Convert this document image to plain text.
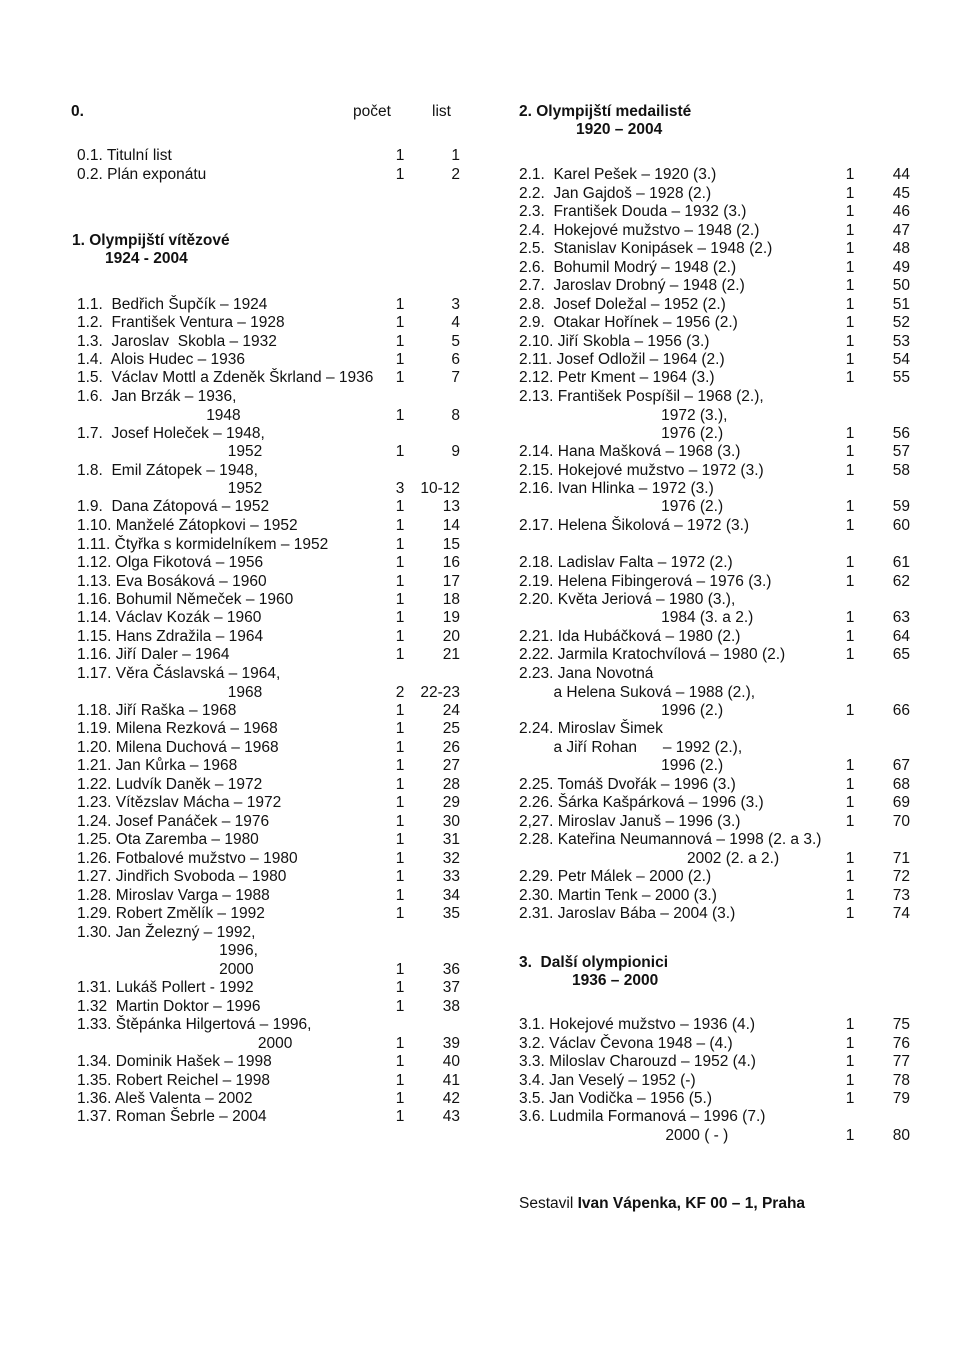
0.	počet	list
1. Olympijští vítězové
1924 - 2004
0.1. Titulní list	1	1
0.2. Plán exponátu	1	2
1.1.  Bedřich Šupčík – 1924	1	3
1.2.  František Ventura – 1928	1	4
1.3.  Jaroslav  Skobla – 1932	1	5
1.4.  Alois Hudec – 1936	1	6
1.5.  Václav Mottl a Zdeněk Škrland – 1936	1	7
1.6.  Jan Brzák – 1936,
1948	1	8
1.7.  Josef Holeček – 1948,
1952	1	9
1.8.  Emil Zátopek – 1948,
1952	3	10-12
1.9.  Dana Zátopová – 1952	1	13
1.10. Manželé Zátopkovi – 1952	1	14
1.11. Čtyřka s kormidelníkem – 1952	1	15
1.12. Olga Fikotová – 1956	1	16
1.13. Eva Bosáková – 1960	1	17
1.16. Bohumil Němeček – 1960	1	18
1.14. Václav Kozák – 1960	1	19
1.15. Hans Zdražila – 1964	1	20
1.16. Jiří Daler – 1964	1	21
1.17. Věra Čáslavská – 1964,
1968	2	22-23
1.18. Jiří Raška – 1968	1	24
1.19. Milena Rezková – 1968	1	25
1.20. Milena Duchová – 1968	1	26
1.21. Jan Kůrka – 1968	1	27
1.22. Ludvík Daněk – 1972	1	28
1.23. Vítězslav Mácha – 1972	1	29
1.24. Josef Panáček – 1976	1	30
1.25. Ota Zaremba – 1980	1	31
1.26. Fotbalové mužstvo – 1980	1	32
1.27. Jindřich Svoboda – 1980	1	33
1.28. Miroslav Varga – 1988	1	34
1.29. Robert Změlík – 1992	1	35
1.30. Jan Železný – 1992,
1996,
2000	1	36
1.31. Lukáš Pollert - 1992	1	37
1.32  Martin Doktor – 1996	1	38
1.33. Štěpánka Hilgertová – 1996,
2000	1	39
1.34. Dominik Hašek – 1998	1	40
1.35. Robert Reichel – 1998	1	41
1.36. Aleš Valenta – 2002	1	42
1.37. Roman Šebrle – 2004	1	43
2. Olympijští medailisté
1920 – 2004
3.  Další olympionici
1936 – 2000
2.1.  Karel Pešek – 1920 (3.)	1	44
2.2.  Jan Gajdoš – 1928 (2.)	1	45
2.3.  František Douda – 1932 (3.)	1	46
2.4.  Hokejové mužstvo – 1948 (2.)	1	47
2.5.  Stanislav Konipásek – 1948 (2.)	1	48
2.6.  Bohumil Modrý – 1948 (2.)	1	49
2.7.  Jaroslav Drobný – 1948 (2.)	1	50
2.8.  Josef Doležal – 1952 (2.)	1	51
2.9.  Otakar Hořínek – 1956 (2.)	1	52
2.10. Jiří Skobla – 1956 (3.)	1	53
2.11. Josef Odložil – 1964 (2.)	1	54
2.12. Petr Kment – 1964 (3.)	1	55
2.13. František Pospíšil – 1968 (2.),
1972 (3.),
1976 (2.)	1	56
2.14. Hana Mašková – 1968 (3.)	1	57
2.15. Hokejové mužstvo – 1972 (3.)	1	58
2.16. Ivan Hlinka – 1972 (3.)
1976 (2.)	1	59
2.17. Helena Šikolová – 1972 (3.)	1	60
2.18. Ladislav Falta – 1972 (2.)	1	61
2.19. Helena Fibingerová – 1976 (3.)	1	62
2.20. Květa Jeriová – 1980 (3.),
1984 (3. a 2.)	1	63
2.21. Ida Hubáčková – 1980 (2.)	1	64
2.22. Jarmila Kratochvílová – 1980 (2.)	1	65
2.23. Jana Novotná
a Helena Suková – 1988 (2.),
1996 (2.)	1	66
2.24. Miroslav Šimek
a Jiří Rohan      – 1992 (2.),
1996 (2.)	1	67
2.25. Tomáš Dvořák – 1996 (3.)	1	68
2.26. Šárka Kašpárková – 1996 (3.)	1	69
2,27. Miroslav Januš – 1996 (3.)	1	70
2.28. Kateřina Neumannová – 1998 (2. a 3.)
2002 (2. a 2.)	1	71
2.29. Petr Málek – 2000 (2.)	1	72
2.30. Martin Tenk – 2000 (3.)	1	73
2.31. Jaroslav Bába – 2004 (3.)	1	74
3.1. Hokejové mužstvo – 1936 (4.)	1	75
3.2. Václav Čevona 1948 – (4.)	1	76
3.3. Miloslav Charouzd – 1952 (4.)	1	77
3.4. Jan Veselý – 1952 (-)	1	78
3.5. Jan Vodička – 1956 (5.)	1	79
3.6. Ludmila Formanová – 1996 (7.)
2000 ( - )	1	80
Sestavil Ivan Vápenka, KF 00 – 1, Praha
